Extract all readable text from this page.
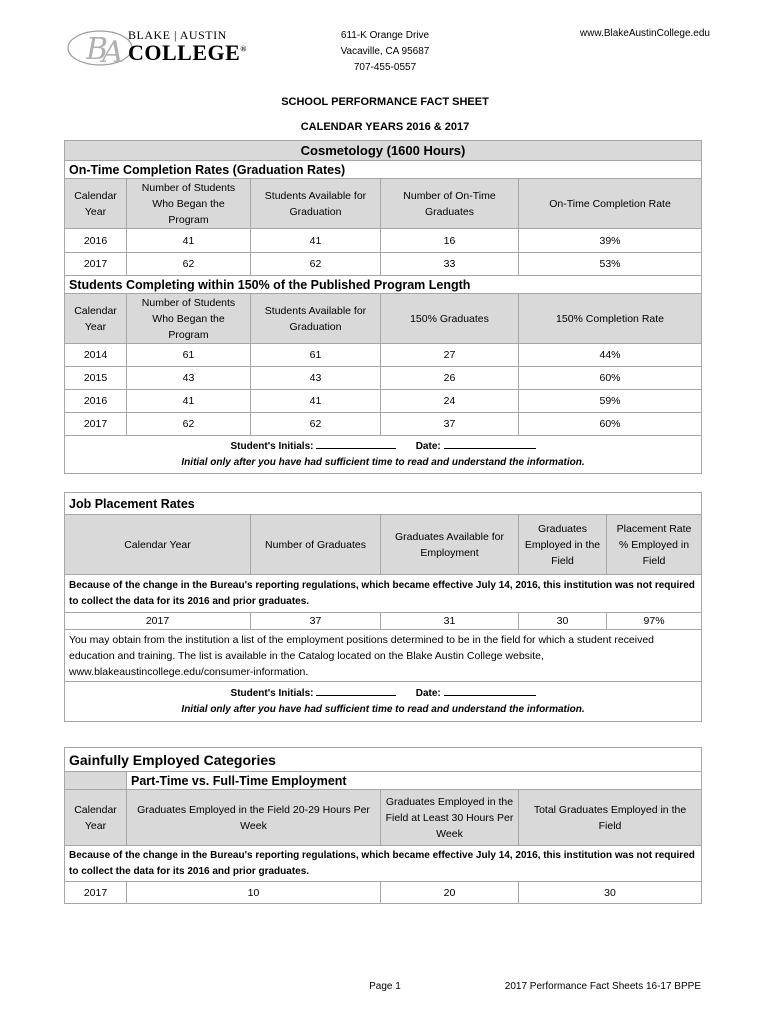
B
A BLAKE | AUSTIN
COLLEGE®
611-K Orange Drive
Vacaville, CA 95687
707-455-0557
www.BlakeAustinCollege.edu
SCHOOL PERFORMANCE FACT SHEET
CALENDAR YEARS 2016 & 2017
Cosmetology (1600 Hours)				
On-Time Completion Rates (Graduation Rates)				
Calendar Year	Number of Students Who Began the Program	Students Available for Graduation	Number of On-Time Graduates	On-Time Completion Rate
2016	41	41	16	39%
2017	62	62	33	53%
Students Completing within 150% of the Published Program Length				
Calendar Year	Number of Students Who Began the Program	Students Available for Graduation	150% Graduates	150% Completion Rate
2014	61	61	27	44%
2015	43	43	26	60%
2016	41	41	24	59%
2017	62	62	37	60%
Student's Initials: Date:
Initial only after you have had sufficient time to read and understand the information.				
Job Placement Rates				
Calendar Year	Number of Graduates	Graduates Available for Employment	Graduates Employed in the Field	Placement Rate % Employed in Field
Because of the change in the Bureau's reporting regulations, which became effective July 14, 2016, this institution was not required to collect the data for its 2016 and prior graduates.				
2017	37	31	30	97%
You may obtain from the institution a list of the employment positions determined to be in the field for which a student received education and training. The list is available in the Catalog located on the Blake Austin College website, www.blakeaustincollege.edu/consumer-information.				
Student's Initials: Date:
Initial only after you have had sufficient time to read and understand the information.				
Gainfully Employed Categories			
	Part-Time vs. Full-Time Employment		
Calendar Year	Graduates Employed in the Field 20-29 Hours Per Week	Graduates Employed in the Field at Least 30 Hours Per Week	Total Graduates Employed in the Field
Because of the change in the Bureau's reporting regulations, which became effective July 14, 2016, this institution was not required to collect the data for its 2016 and prior graduates.			
2017	10	20	30
Page 1	2017 Performance Fact Sheets 16-17 BPPE
